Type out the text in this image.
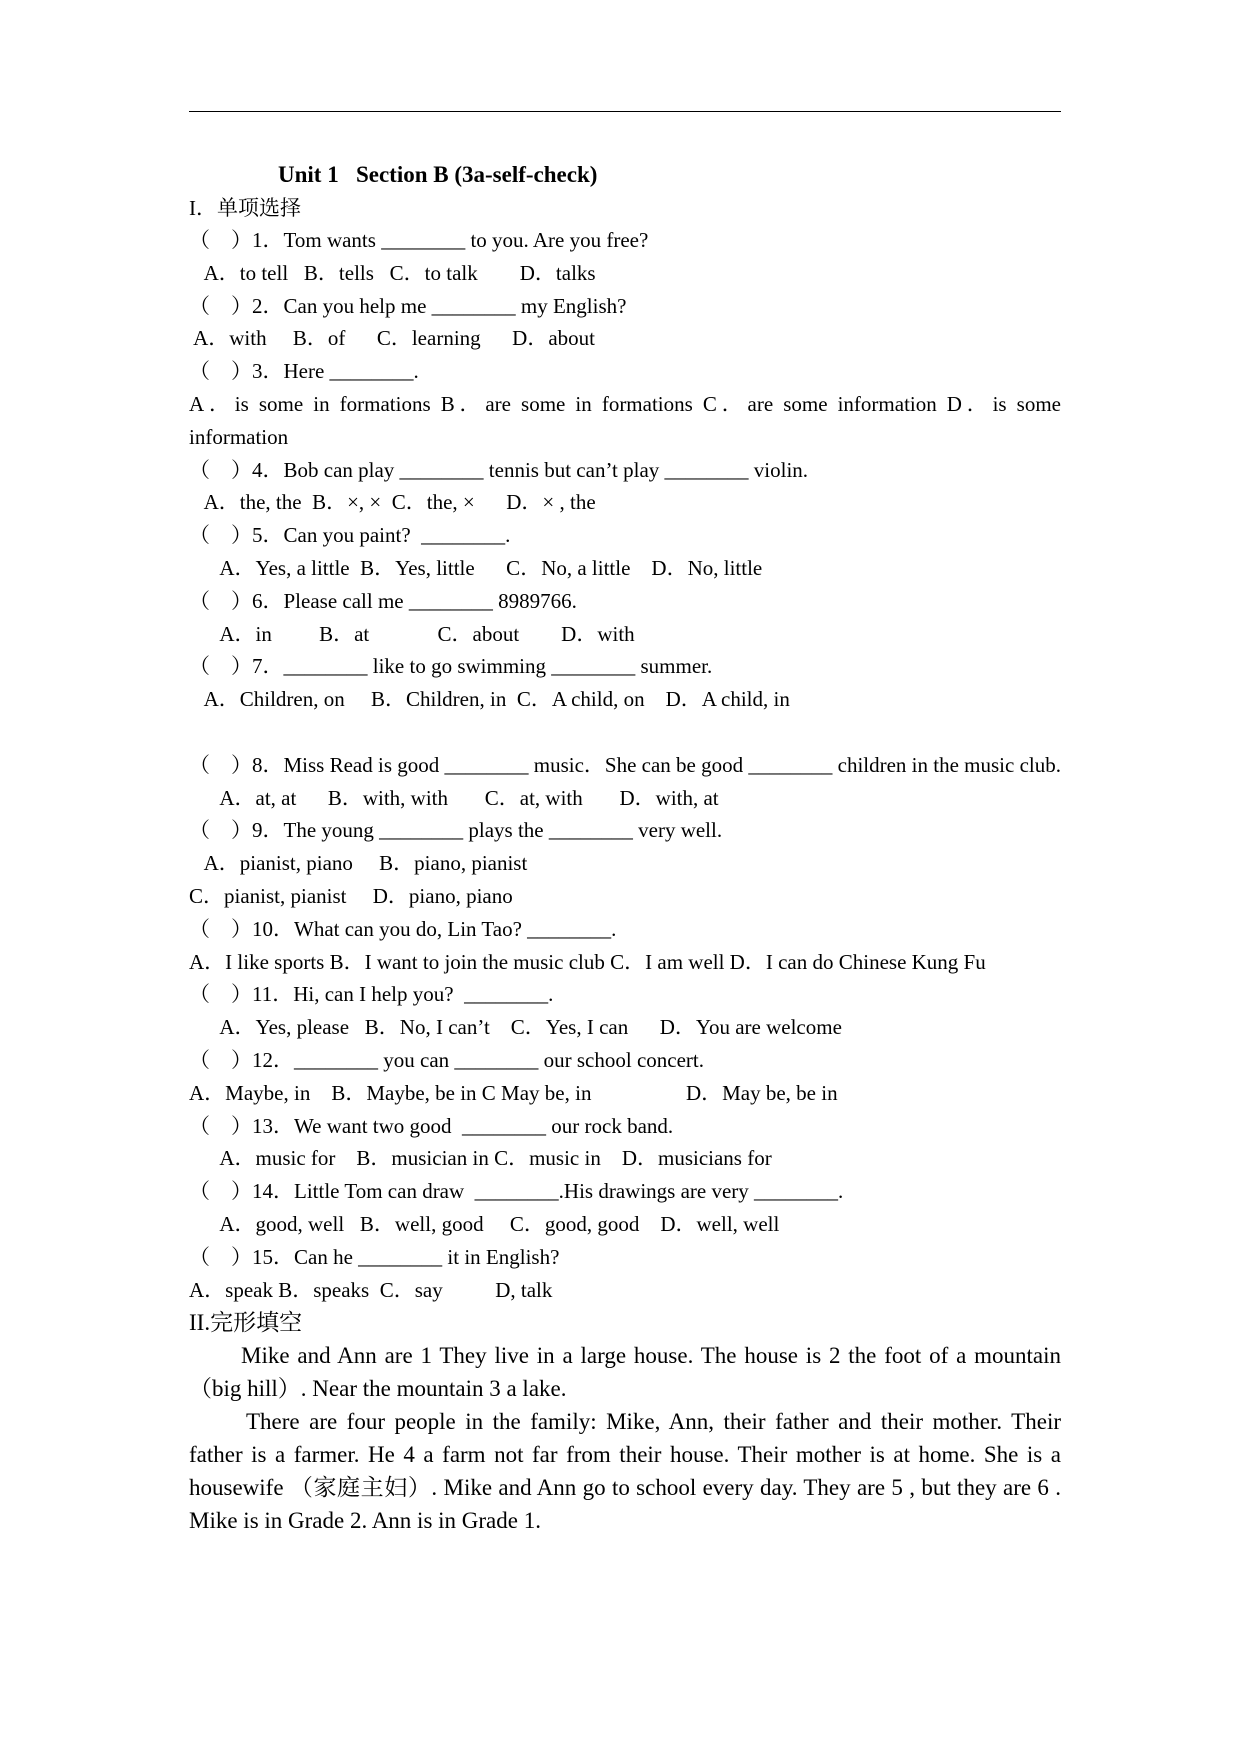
Unit 1   Section B (3a-self-check)
I．单项选择
（　）1．Tom wants ________ to you. Are you free?
A．to tell   B．tells   C．to talk        D．talks
（　）2．Can you help me ________ my English?
A．with     B．of      C．learning      D．about
（　）3．Here ________.
A．is some in formations B．are some in formations C．are some information D．is some information
（　）4．Bob can play ________ tennis but can’t play ________ violin.
A．the, the  B．×, ×  C．the, ×      D．× , the
（　）5．Can you paint?  ________.
A．Yes, a little  B．Yes, little      C．No, a little    D．No, little
（　）6．Please call me ________ 8989766.
A．in         B．at             C．about        D．with
（　）7．________ like to go swimming ________ summer.
A．Children, on     B．Children, in  C．A child, on    D．A child, in
（　）8．Miss Read is good ________ music．She can be good ________ children in the music club.
A．at, at      B．with, with       C．at, with       D．with, at
（　）9．The young ________ plays the ________ very well.
A．pianist, piano     B．piano, pianist
C．pianist, pianist     D．piano, piano
（　）10．What can you do, Lin Tao? ________.
A．I like sports B．I want to join the music club C．I am well D．I can do Chinese Kung Fu
（　）11．Hi, can I help you?  ________.
A．Yes, please   B．No, I can’t    C．Yes, I can      D．You are welcome
（　）12．________ you can ________ our school concert.
A．Maybe, in    B．Maybe, be in C May be, in                  D．May be, be in
（　）13．We want two good  ________ our rock band.
A．music for    B．musician in C．music in    D．musicians for
（　）14．Little Tom can draw  ________.His drawings are very ________.
A．good, well   B．well, good     C．good, good    D．well, well
（　）15．Can he ________ it in English?
A．speak B．speaks  C．say          D, talk
II.完形填空
Mike and Ann are 1 They live in a large house. The house is 2 the foot of a mountain （big hill）. Near the mountain 3 a lake.
There are four people in the family: Mike, Ann, their father and their mother. Their father is a farmer. He 4 a farm not far from their house. Their mother is at home. She is a housewife （家庭主妇）. Mike and Ann go to school every day. They are 5 , but they are 6 . Mike is in Grade 2. Ann is in Grade 1.
